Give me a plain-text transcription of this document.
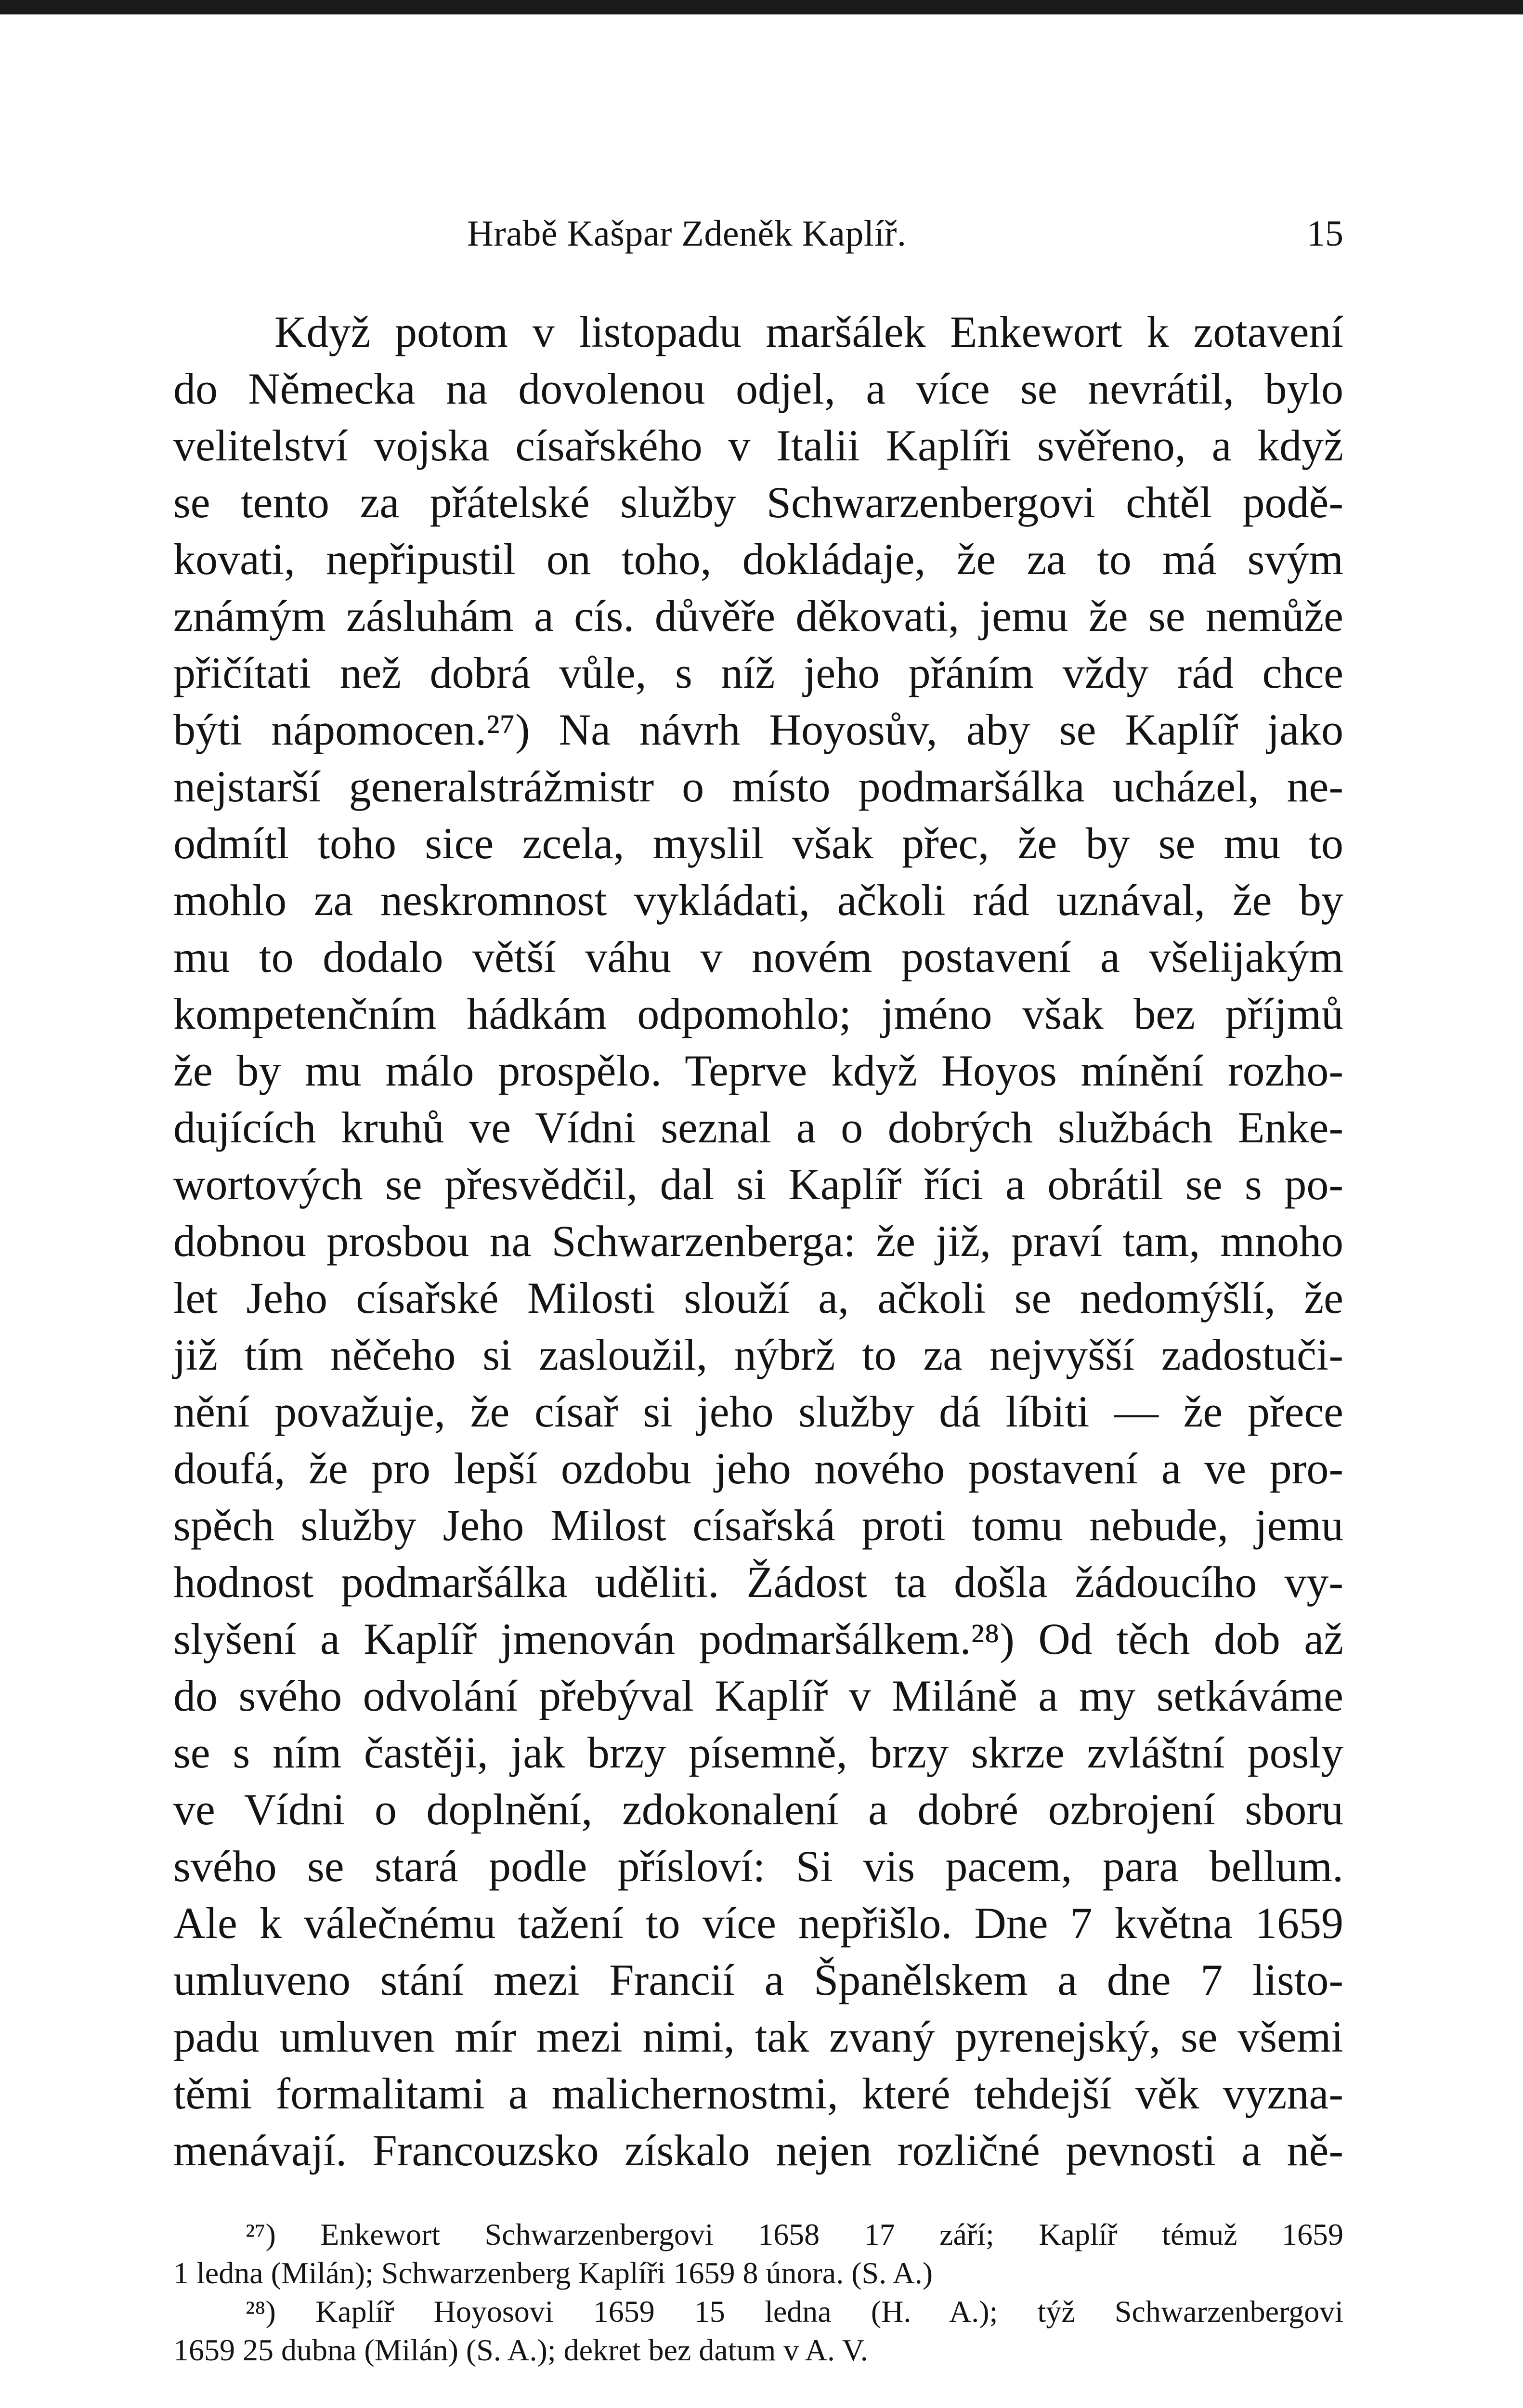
Hrabě Kašpar Zdeněk Kaplíř.	15
Když potom v listopadu maršálek Enkewort k zotavení
do Německa na dovolenou odjel, a více se nevrátil, bylo
velitelství vojska císařského v Italii Kaplíři svěřeno, a když
se tento za přátelské služby Schwarzenbergovi chtěl podě-
kovati, nepřipustil on toho, dokládaje, že za to má svým
známým zásluhám a cís. důvěře děkovati, jemu že se nemůže
přičítati než dobrá vůle, s níž jeho přáním vždy rád chce
býti nápomocen.²⁷) Na návrh Hoyosův, aby se Kaplíř jako
nejstarší generalstrážmistr o místo podmaršálka ucházel, ne-
odmítl toho sice zcela, myslil však přec, že by se mu to
mohlo za neskromnost vykládati, ačkoli rád uznával, že by
mu to dodalo větší váhu v novém postavení a všelijakým
kompetenčním hádkám odpomohlo; jméno však bez příjmů
že by mu málo prospělo. Teprve když Hoyos mínění rozho-
dujících kruhů ve Vídni seznal a o dobrých službách Enke-
wortových se přesvědčil, dal si Kaplíř říci a obrátil se s po-
dobnou prosbou na Schwarzenberga: že již, praví tam, mnoho
let Jeho císařské Milosti slouží a, ačkoli se nedomýšlí, že
již tím něčeho si zasloužil, nýbrž to za nejvyšší zadostuči-
nění považuje, že císař si jeho služby dá líbiti — že přece
doufá, že pro lepší ozdobu jeho nového postavení a ve pro-
spěch služby Jeho Milost císařská proti tomu nebude, jemu
hodnost podmaršálka uděliti. Žádost ta došla žádoucího vy-
slyšení a Kaplíř jmenován podmaršálkem.²⁸) Od těch dob až
do svého odvolání přebýval Kaplíř v Miláně a my setkáváme
se s ním častěji, jak brzy písemně, brzy skrze zvláštní posly
ve Vídni o doplnění, zdokonalení a dobré ozbrojení sboru
svého se stará podle přísloví: Si vis pacem, para bellum.
Ale k válečnému tažení to více nepřišlo. Dne 7 května 1659
umluveno stání mezi Francií a Španělskem a dne 7 listo-
padu umluven mír mezi nimi, tak zvaný pyrenejský, se všemi
těmi formalitami a malichernostmi, které tehdejší věk vyzna-
menávají. Francouzsko získalo nejen rozličné pevnosti a ně-
²⁷) Enkewort Schwarzenbergovi 1658 17 září; Kaplíř témuž 1659
1 ledna (Milán); Schwarzenberg Kaplíři 1659 8 února. (S. A.)
²⁸) Kaplíř Hoyosovi 1659 15 ledna (H. A.); týž Schwarzenbergovi
1659 25 dubna (Milán) (S. A.); dekret bez datum v A. V.
